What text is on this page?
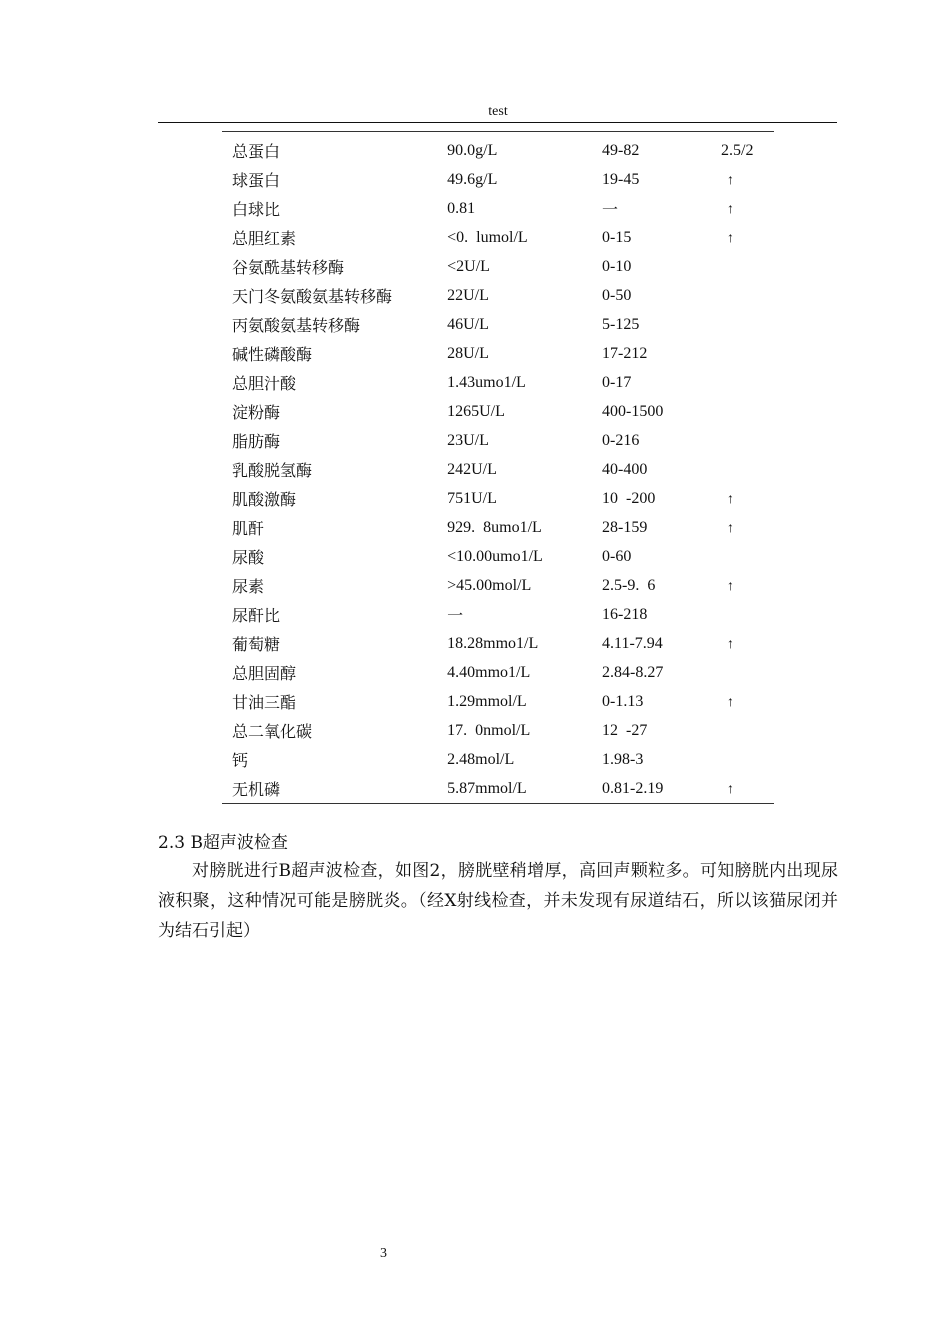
test

总蛋白	90.0g/L	49-82	2.5/2
球蛋白	49.6g/L	19-45	↑
白球比	0.81	一	↑
总胆红素	<0.  lumol/L	0-15	↑
谷氨酰基转移酶	<2U/L	0-10	
天门冬氨酸氨基转移酶	22U/L	0-50	
丙氨酸氨基转移酶	46U/L	5-125	
碱性磷酸酶	28U/L	17-212	
总胆汁酸	1.43umo1/L	0-17	
淀粉酶	1265U/L	400-1500	
脂肪酶	23U/L	0-216	
乳酸脱氢酶	242U/L	40-400	
肌酸激酶	751U/L	10  -200	↑
肌酐	929.  8umo1/L	28-159	↑
尿酸	<10.00umo1/L	0-60	
尿素	>45.00mol/L	2.5-9.  6	↑
尿酐比	一	16-218	
葡萄糖	18.28mmo1/L	4.11-7.94	↑
总胆固醇	4.40mmo1/L	2.84-8.27	
甘油三酯	1.29mmol/L	0-1.13	↑
总二氧化碳	17.  0nmol/L	12  -27	
钙	2.48mol/L	1.98-3	
无机磷	5.87mmol/L	0.81-2.19	↑

2.3 B超声波检查
对膀胱进行B超声波检查，如图2，膀胱壁稍增厚，高回声颗粒多。可知膀胱内出现尿液积聚，这种情况可能是膀胱炎。（经X射线检查，并未发现有尿道结石，所以该猫尿闭并为结石引起）
3
